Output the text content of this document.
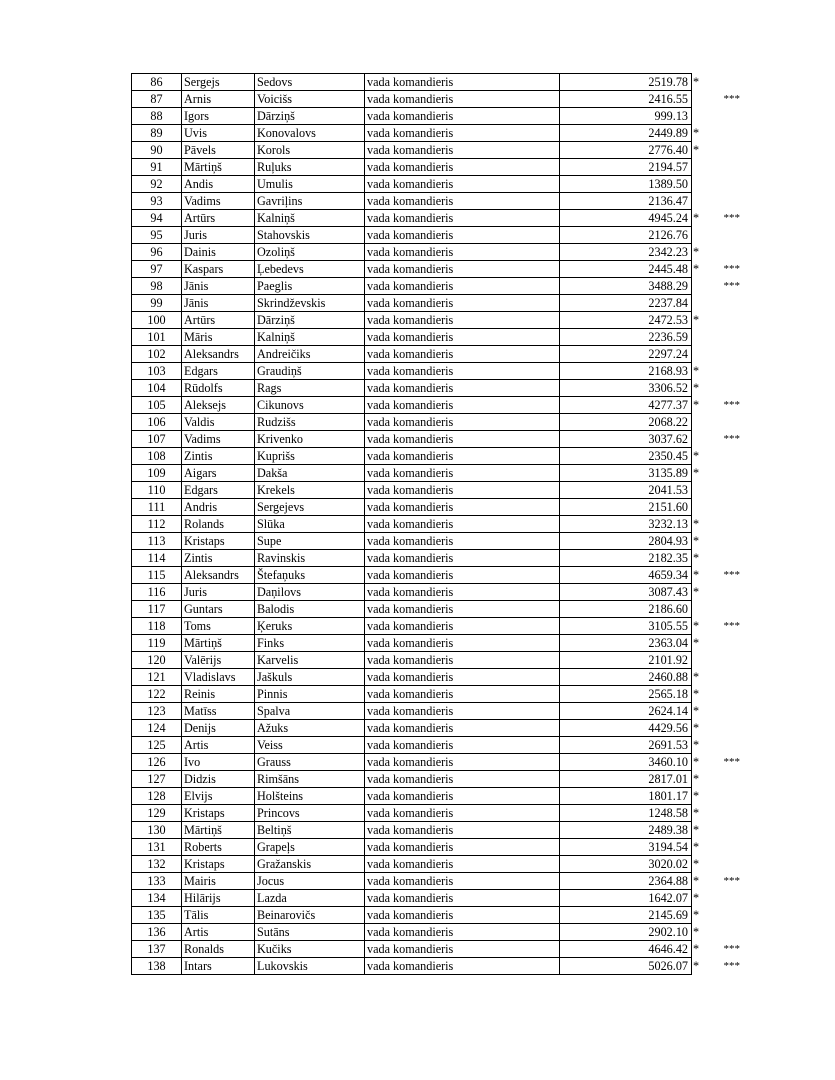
86	Sergejs	Sedovs	vada komandieris	2519.78	*	
87	Arnis	Voicišs	vada komandieris	2416.55		***
88	Igors	Dārziņš	vada komandieris	999.13		
89	Uvis	Konovalovs	vada komandieris	2449.89	*	
90	Pāvels	Korols	vada komandieris	2776.40	*	
91	Mārtiņš	Ruļuks	vada komandieris	2194.57		
92	Andis	Umulis	vada komandieris	1389.50		
93	Vadims	Gavriļins	vada komandieris	2136.47		
94	Artūrs	Kalniņš	vada komandieris	4945.24	*	***
95	Juris	Stahovskis	vada komandieris	2126.76		
96	Dainis	Ozoliņš	vada komandieris	2342.23	*	
97	Kaspars	Ļebedevs	vada komandieris	2445.48	*	***
98	Jānis	Paeglis	vada komandieris	3488.29		***
99	Jānis	Skrindževskis	vada komandieris	2237.84		
100	Artūrs	Dārziņš	vada komandieris	2472.53	*	
101	Māris	Kalniņš	vada komandieris	2236.59		
102	Aleksandrs	Andreičiks	vada komandieris	2297.24		
103	Edgars	Graudiņš	vada komandieris	2168.93	*	
104	Rūdolfs	Rags	vada komandieris	3306.52	*	
105	Aleksejs	Cikunovs	vada komandieris	4277.37	*	***
106	Valdis	Rudzišs	vada komandieris	2068.22		
107	Vadims	Krivenko	vada komandieris	3037.62		***
108	Zintis	Kuprišs	vada komandieris	2350.45	*	
109	Aigars	Dakša	vada komandieris	3135.89	*	
110	Edgars	Krekels	vada komandieris	2041.53		
111	Andris	Sergejevs	vada komandieris	2151.60		
112	Rolands	Slūka	vada komandieris	3232.13	*	
113	Kristaps	Supe	vada komandieris	2804.93	*	
114	Zintis	Ravinskis	vada komandieris	2182.35	*	
115	Aleksandrs	Štefaņuks	vada komandieris	4659.34	*	***
116	Juris	Daņilovs	vada komandieris	3087.43	*	
117	Guntars	Balodis	vada komandieris	2186.60		
118	Toms	Ķeruks	vada komandieris	3105.55	*	***
119	Mārtiņš	Finks	vada komandieris	2363.04	*	
120	Valērijs	Karvelis	vada komandieris	2101.92		
121	Vladislavs	Jaškuls	vada komandieris	2460.88	*	
122	Reinis	Pinnis	vada komandieris	2565.18	*	
123	Matīss	Spalva	vada komandieris	2624.14	*	
124	Denijs	Ažuks	vada komandieris	4429.56	*	
125	Artis	Veiss	vada komandieris	2691.53	*	
126	Ivo	Grauss	vada komandieris	3460.10	*	***
127	Didzis	Rimšāns	vada komandieris	2817.01	*	
128	Elvijs	Holšteins	vada komandieris	1801.17	*	
129	Kristaps	Princovs	vada komandieris	1248.58	*	
130	Mārtiņš	Beltiņš	vada komandieris	2489.38	*	
131	Roberts	Grapeļs	vada komandieris	3194.54	*	
132	Kristaps	Gražanskis	vada komandieris	3020.02	*	
133	Mairis	Jocus	vada komandieris	2364.88	*	***
134	Hilārijs	Lazda	vada komandieris	1642.07	*	
135	Tālis	Beinarovičs	vada komandieris	2145.69	*	
136	Artis	Sutāns	vada komandieris	2902.10	*	
137	Ronalds	Kučiks	vada komandieris	4646.42	*	***
138	Intars	Lukovskis	vada komandieris	5026.07	*	***
